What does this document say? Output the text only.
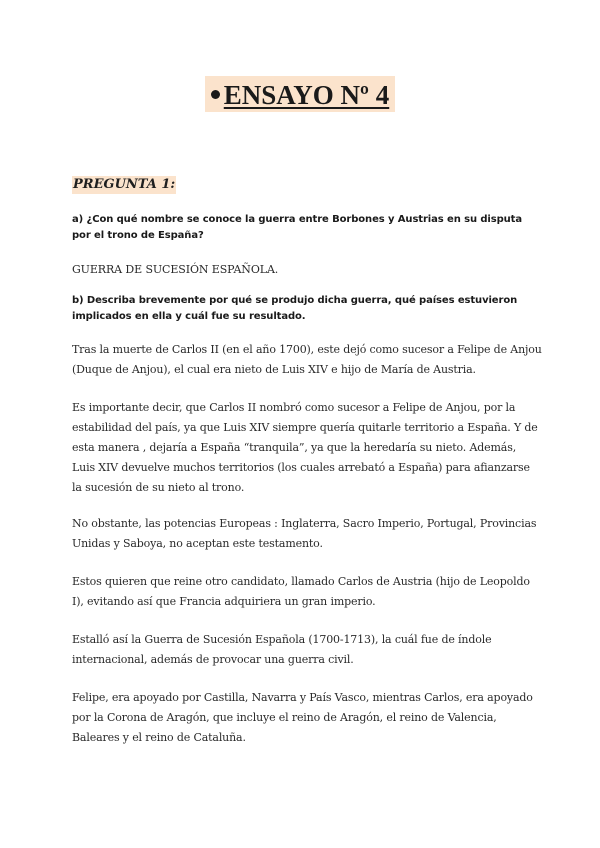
ENSAYO Nº 4
PREGUNTA 1:
a) ¿Con qué nombre se conoce la guerra entre Borbones y Austrias en su disputa por el trono de España?
GUERRA DE SUCESIÓN ESPAÑOLA.
b) Describa brevemente por qué se produjo dicha guerra, qué países estuvieron implicados en ella y cuál fue su resultado.
Tras la muerte de Carlos II (en el año 1700), este dejó como sucesor a Felipe de Anjou (Duque de Anjou), el cual era nieto de Luis XIV e hijo de María de Austria.
Es importante decir, que Carlos II nombró como sucesor a Felipe de Anjou, por la estabilidad del país, ya que Luis XIV siempre quería quitarle territorio a España. Y de esta manera , dejaría a España “tranquila”, ya que la heredaría su nieto. Además, Luis XIV devuelve muchos territorios (los cuales arrebató a España) para afianzarse la sucesión de su nieto al trono.
No obstante, las potencias Europeas : Inglaterra, Sacro Imperio, Portugal, Provincias Unidas y Saboya, no aceptan este testamento.
Estos quieren que reine otro candidato, llamado Carlos de Austria (hijo de Leopoldo I), evitando así que Francia adquiriera un gran imperio.
Estalló así la Guerra de Sucesión Española (1700-1713), la cuál fue de índole internacional, además de provocar una guerra civil.
Felipe, era apoyado por Castilla, Navarra y País Vasco, mientras Carlos, era apoyado por la Corona de Aragón, que incluye el reino de Aragón, el reino de Valencia, Baleares y el reino de Cataluña.
